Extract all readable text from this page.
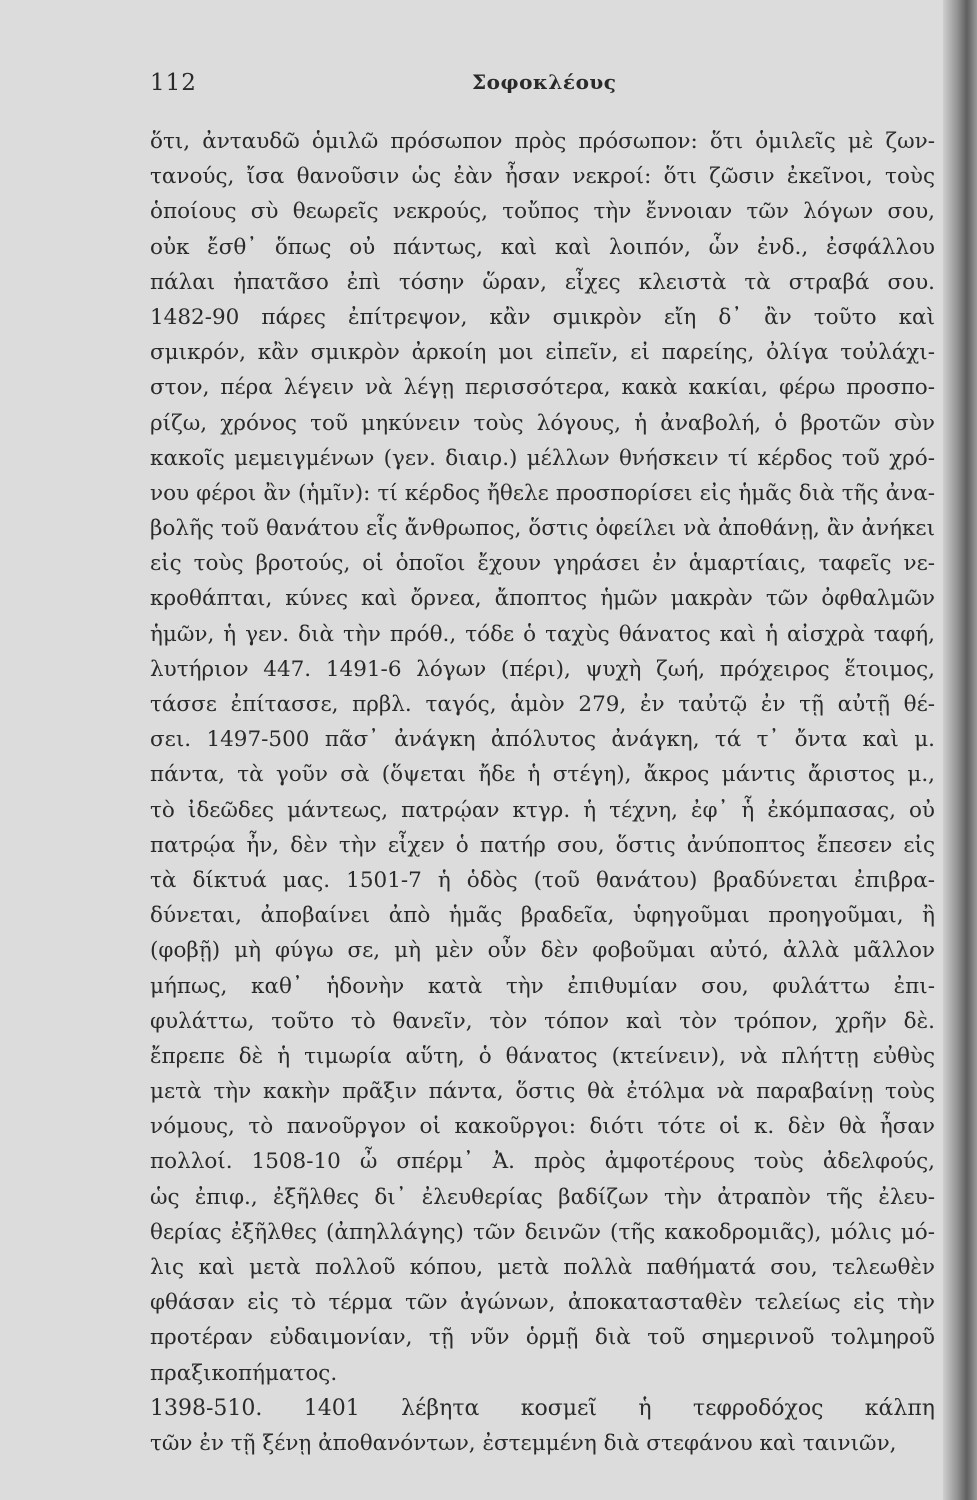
112	Σοφοκλέους
ὅτι, ἀνταυδῶ ὁμιλῶ πρόσωπον πρὸς πρόσωπον: ὅτι ὁμιλεῖς μὲ ζων-
τανούς, ἴσα θανοῦσιν ὡς ἐὰν ἦσαν νεκροί: ὅτι ζῶσιν ἐκεῖνοι, τοὺς
ὁποίους σὺ θεωρεῖς νεκρούς, τοὔπος τὴν ἔννοιαν τῶν λόγων σου,
οὐκ ἔσθ᾽ ὅπως οὐ πάντως, καὶ καὶ λοιπόν, ὧν ἐνδ., ἐσφάλλου
πάλαι ἠπατᾶσο ἐπὶ τόσην ὥραν, εἶχες κλειστὰ τὰ στραβά σου.
1482-90 πάρες ἐπίτρεψον, κἂν σμικρὸν εἴη δ᾽ ἂν τοῦτο καὶ
σμικρόν, κἂν σμικρὸν ἀρκοίη μοι εἰπεῖν, εἰ παρείης, ὀλίγα τοὐλάχι-
στον, πέρα λέγειν νὰ λέγῃ περισσότερα, κακὰ κακίαι, φέρω προσπο-
ρίζω, χρόνος τοῦ μηκύνειν τοὺς λόγους, ἡ ἀναβολή, ὁ βροτῶν σὺν
κακοῖς μεμειγμένων (γεν. διαιρ.) μέλλων θνήσκειν τί κέρδος τοῦ χρό-
νου φέροι ἂν (ἡμῖν): τί κέρδος ἤθελε προσπορίσει εἰς ἡμᾶς διὰ τῆς ἀνα-
βολῆς τοῦ θανάτου εἷς ἄνθρωπος, ὅστις ὀφείλει νὰ ἀποθάνῃ, ἂν ἀνήκει
εἰς τοὺς βροτούς, οἱ ὁποῖοι ἔχουν γηράσει ἐν ἁμαρτίαις, ταφεῖς νε-
κροθάπται, κύνες καὶ ὄρνεα, ἄποπτος ἡμῶν μακρὰν τῶν ὀφθαλμῶν
ἡμῶν, ἡ γεν. διὰ τὴν πρόθ., τόδε ὁ ταχὺς θάνατος καὶ ἡ αἰσχρὰ ταφή,
λυτήριον 447. 1491-6 λόγων (πέρι), ψυχὴ ζωή, πρόχειρος ἕτοιμος,
τάσσε ἐπίτασσε, πρβλ. ταγός, ἁμὸν 279, ἐν ταὐτῷ ἐν τῇ αὐτῇ θέ-
σει. 1497-500 πᾶσ᾽ ἀνάγκη ἀπόλυτος ἀνάγκη, τά τ᾽ ὄντα καὶ μ.
πάντα, τὰ γοῦν σὰ (ὅψεται ἤδε ἡ στέγη), ἄκρος μάντις ἄριστος μ.,
τὸ ἰδεῶδες μάντεως, πατρῴαν κτγρ. ἡ τέχνη, ἐφ᾽ ἧ ἐκόμπασας, οὐ
πατρῴα ἦν, δὲν τὴν εἶχεν ὁ πατήρ σου, ὅστις ἀνύποπτος ἔπεσεν εἰς
τὰ δίκτυά μας. 1501-7 ἡ ὁδὸς (τοῦ θανάτου) βραδύνεται ἐπιβρα-
δύνεται, ἀποβαίνει ἀπὸ ἡμᾶς βραδεῖα, ὑφηγοῦμαι προηγοῦμαι, ἢ
(φοβῇ) μὴ φύγω σε, μὴ μὲν οὖν δὲν φοβοῦμαι αὐτό, ἀλλὰ μᾶλλον
μήπως, καθ᾽ ἡδονὴν κατὰ τὴν ἐπιθυμίαν σου, φυλάττω ἐπι-
φυλάττω, τοῦτο τὸ θανεῖν, τὸν τόπον καὶ τὸν τρόπον, χρῆν δὲ.
ἔπρεπε δὲ ἡ τιμωρία αὕτη, ὁ θάνατος (κτείνειν), νὰ πλήττῃ εὐθὺς
μετὰ τὴν κακὴν πρᾶξιν πάντα, ὅστις θὰ ἐτόλμα νὰ παραβαίνῃ τοὺς
νόμους, τὸ πανοῦργον οἱ κακοῦργοι: διότι τότε οἱ κ. δὲν θὰ ἦσαν
πολλοί. 1508-10 ὦ σπέρμ᾽ Ἀ. πρὸς ἀμφοτέρους τοὺς ἀδελφούς,
ὡς ἐπιφ., ἐξῆλθες δι᾽ ἐλευθερίας βαδίζων τὴν ἀτραπὸν τῆς ἐλευ-
θερίας ἐξῆλθες (ἀπηλλάγης) τῶν δεινῶν (τῆς κακοδρομιᾶς), μόλις μό-
λις καὶ μετὰ πολλοῦ κόπου, μετὰ πολλὰ παθήματά σου, τελεωθὲν
φθάσαν εἰς τὸ τέρμα τῶν ἀγώνων, ἀποκατασταθὲν τελείως εἰς τὴν
προτέραν εὐδαιμονίαν, τῇ νῦν ὁρμῇ διὰ τοῦ σημερινοῦ τολμηροῦ
πραξικοπήματος.
1398-510. 1401 λέβητα κοσμεῖ ἡ τεφροδόχος κάλπη
τῶν ἐν τῇ ξένῃ ἀποθανόντων, ἐστεμμένη διὰ στεφάνου καὶ ταινιῶν,
